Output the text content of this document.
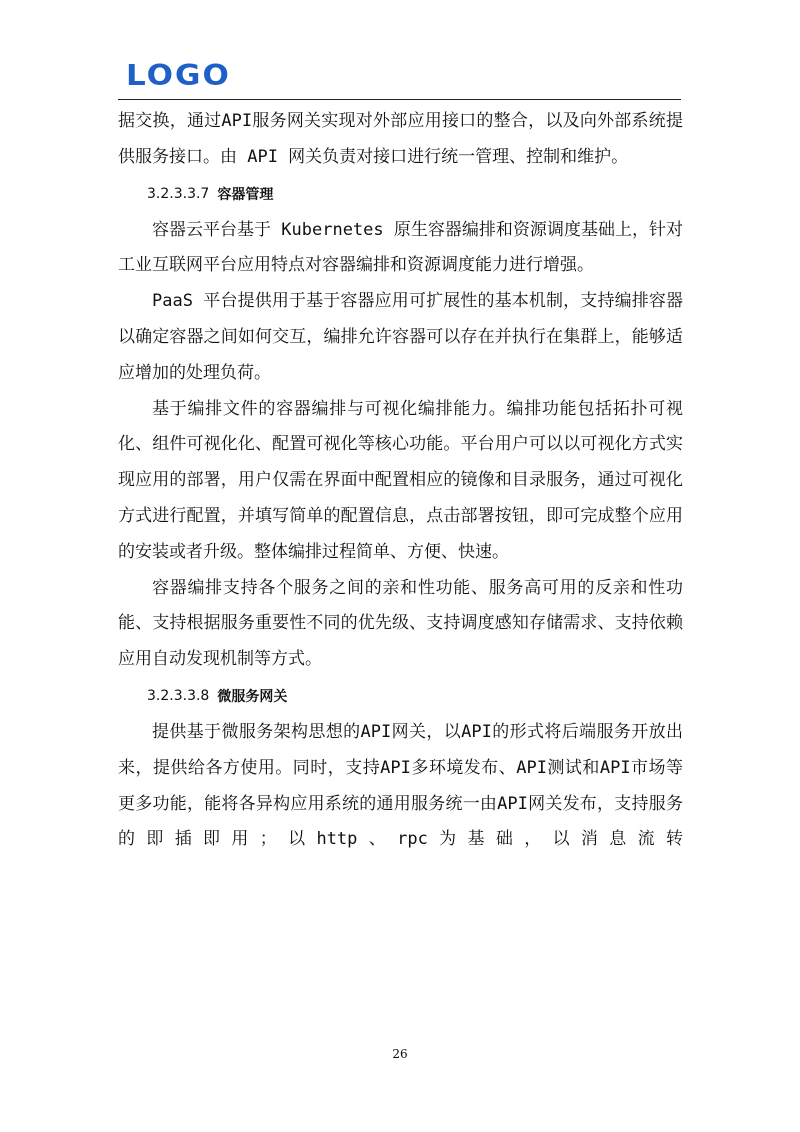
LOGO

据交换，通过API服务网关实现对外部应用接口的整合，以及向外部系统提供服务接口。由 API 网关负责对接口进行统一管理、控制和维护。

3.2.3.3.7 容器管理

容器云平台基于 Kubernetes 原生容器编排和资源调度基础上，针对工业互联网平台应用特点对容器编排和资源调度能力进行增强。

PaaS 平台提供用于基于容器应用可扩展性的基本机制，支持编排容器以确定容器之间如何交互，编排允许容器可以存在并执行在集群上，能够适应增加的处理负荷。

基于编排文件的容器编排与可视化编排能力。编排功能包括拓扑可视化、组件可视化化、配置可视化等核心功能。平台用户可以以可视化方式实现应用的部署，用户仅需在界面中配置相应的镜像和目录服务，通过可视化方式进行配置，并填写简单的配置信息，点击部署按钮，即可完成整个应用的安装或者升级。整体编排过程简单、方便、快速。

容器编排支持各个服务之间的亲和性功能、服务高可用的反亲和性功能、支持根据服务重要性不同的优先级、支持调度感知存储需求、支持依赖应用自动发现机制等方式。

3.2.3.3.8 微服务网关

提供基于微服务架构思想的API网关，以API的形式将后端服务开放出来，提供给各方使用。同时，支持API多环境发布、API测试和API市场等更多功能，能将各异构应用系统的通用服务统一由API网关发布，支持服务的即插即用；以http、rpc为基础，以消息流转

26
